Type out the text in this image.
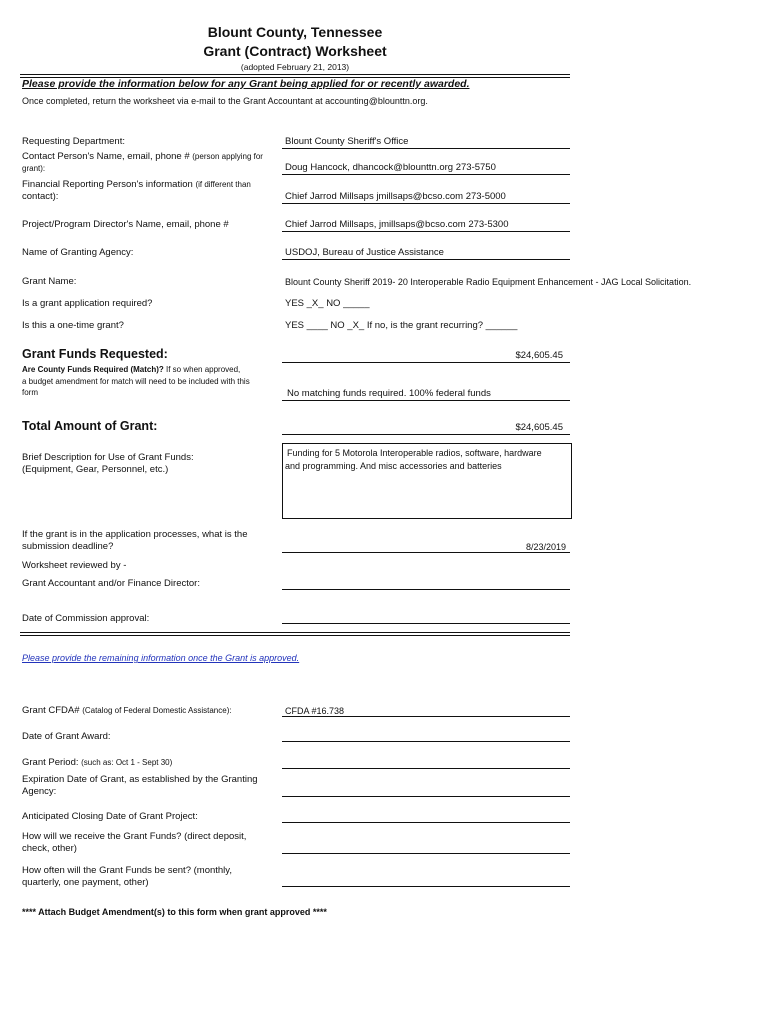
Blount County, Tennessee
Grant (Contract) Worksheet
(adopted February 21, 2013)
Please provide the information below for any Grant being applied for or recently awarded.
Once completed, return the worksheet via e-mail to the Grant Accountant at accounting@blounttn.org.
Requesting Department:	Blount County Sheriff's Office
Contact Person's Name, email, phone # (person applying for
grant):	Doug Hancock, dhancock@blounttn.org 273-5750
Financial Reporting Person's information (if different than
contact):	Chief Jarrod Millsaps jmillsaps@bcso.com 273-5000
Project/Program Director's Name, email, phone #	Chief Jarrod Millsaps, jmillsaps@bcso.com 273-5300
Name of Granting Agency:	USDOJ, Bureau of Justice Assistance
Grant Name:	Blount County Sheriff 2019- 20 Interoperable Radio Equipment Enhancement - JAG Local Solicitation.
Is a grant application required?	YES _X_ NO _____
Is this a one-time grant?	YES ____ NO _X_ If no, is the grant recurring? ______
Grant Funds Requested:	$24,605.45
Are County Funds Required (Match)? If so when approved,
a budget amendment for match will need to be included with this
form	No matching funds required. 100% federal funds
Total Amount of Grant:	$24,605.45
Brief Description for Use of Grant Funds:
(Equipment, Gear, Personnel, etc.)
Funding for 5 Motorola Interoperable radios, software, hardware
and programming. And misc accessories and batteries
If the grant is in the application processes, what is the
submission deadline?	8/23/2019
Worksheet reviewed by -
Grant Accountant and/or Finance Director:
Date of Commission approval:
Please provide the remaining information once the Grant is approved.
Grant CFDA# (Catalog of Federal Domestic Assistance):	CFDA #16.738
Date of Grant Award:
Grant Period: (such as: Oct 1 - Sept 30)
Expiration Date of Grant, as established by the Granting
Agency:
Anticipated Closing Date of Grant Project:
How will we receive the Grant Funds? (direct deposit,
check, other)
How often will the Grant Funds be sent? (monthly,
quarterly, one payment, other)
**** Attach Budget Amendment(s) to this form when grant approved ****
